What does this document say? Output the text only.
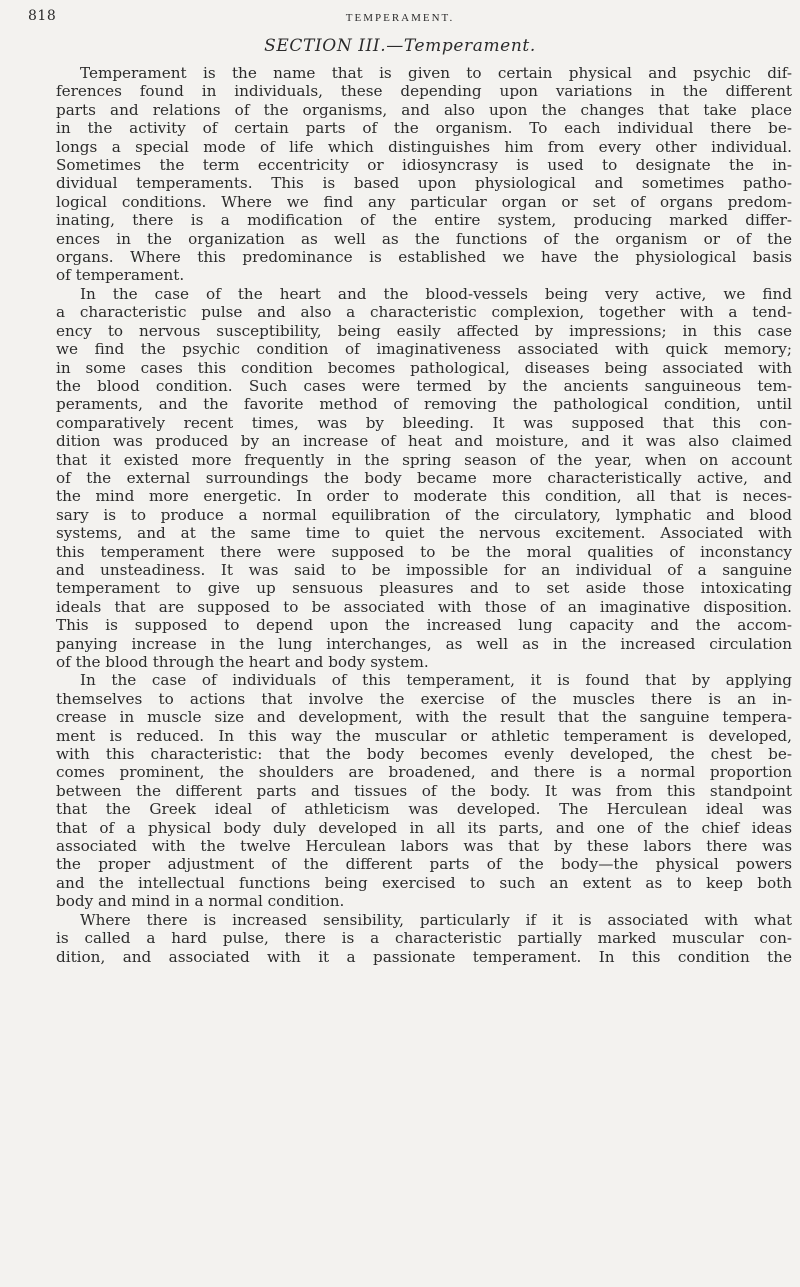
818	TEMPERAMENT.
SECTION III.—Temperament.
Temperament is the name that is given to certain physical and psychic dif-
ferences found in individuals, these depending upon variations in the different
parts and relations of the organisms, and also upon the changes that take place
in the activity of certain parts of the organism. To each individual there be-
longs a special mode of life which distinguishes him from every other individual.
Sometimes the term eccentricity or idiosyncrasy is used to designate the in-
dividual temperaments. This is based upon physiological and sometimes patho-
logical conditions. Where we find any particular organ or set of organs predom-
inating, there is a modification of the entire system, producing marked differ-
ences in the organization as well as the functions of the organism or of the
organs. Where this predominance is established we have the physiological basis
of temperament.
In the case of the heart and the blood-vessels being very active, we find
a characteristic pulse and also a characteristic complexion, together with a tend-
ency to nervous susceptibility, being easily affected by impressions; in this case
we find the psychic condition of imaginativeness associated with quick memory;
in some cases this condition becomes pathological, diseases being associated with
the blood condition. Such cases were termed by the ancients sanguineous tem-
peraments, and the favorite method of removing the pathological condition, until
comparatively recent times, was by bleeding. It was supposed that this con-
dition was produced by an increase of heat and moisture, and it was also claimed
that it existed more frequently in the spring season of the year, when on account
of the external surroundings the body became more characteristically active, and
the mind more energetic. In order to moderate this condition, all that is neces-
sary is to produce a normal equilibration of the circulatory, lymphatic and blood
systems, and at the same time to quiet the nervous excitement. Associated with
this temperament there were supposed to be the moral qualities of inconstancy
and unsteadiness. It was said to be impossible for an individual of a sanguine
temperament to give up sensuous pleasures and to set aside those intoxicating
ideals that are supposed to be associated with those of an imaginative disposition.
This is supposed to depend upon the increased lung capacity and the accom-
panying increase in the lung interchanges, as well as in the increased circulation
of the blood through the heart and body system.
In the case of individuals of this temperament, it is found that by applying
themselves to actions that involve the exercise of the muscles there is an in-
crease in muscle size and development, with the result that the sanguine tempera-
ment is reduced. In this way the muscular or athletic temperament is developed,
with this characteristic: that the body becomes evenly developed, the chest be-
comes prominent, the shoulders are broadened, and there is a normal proportion
between the different parts and tissues of the body. It was from this standpoint
that the Greek ideal of athleticism was developed. The Herculean ideal was
that of a physical body duly developed in all its parts, and one of the chief ideas
associated with the twelve Herculean labors was that by these labors there was
the proper adjustment of the different parts of the body—the physical powers
and the intellectual functions being exercised to such an extent as to keep both
body and mind in a normal condition.
Where there is increased sensibility, particularly if it is associated with what
is called a hard pulse, there is a characteristic partially marked muscular con-
dition, and associated with it a passionate temperament. In this condition the
